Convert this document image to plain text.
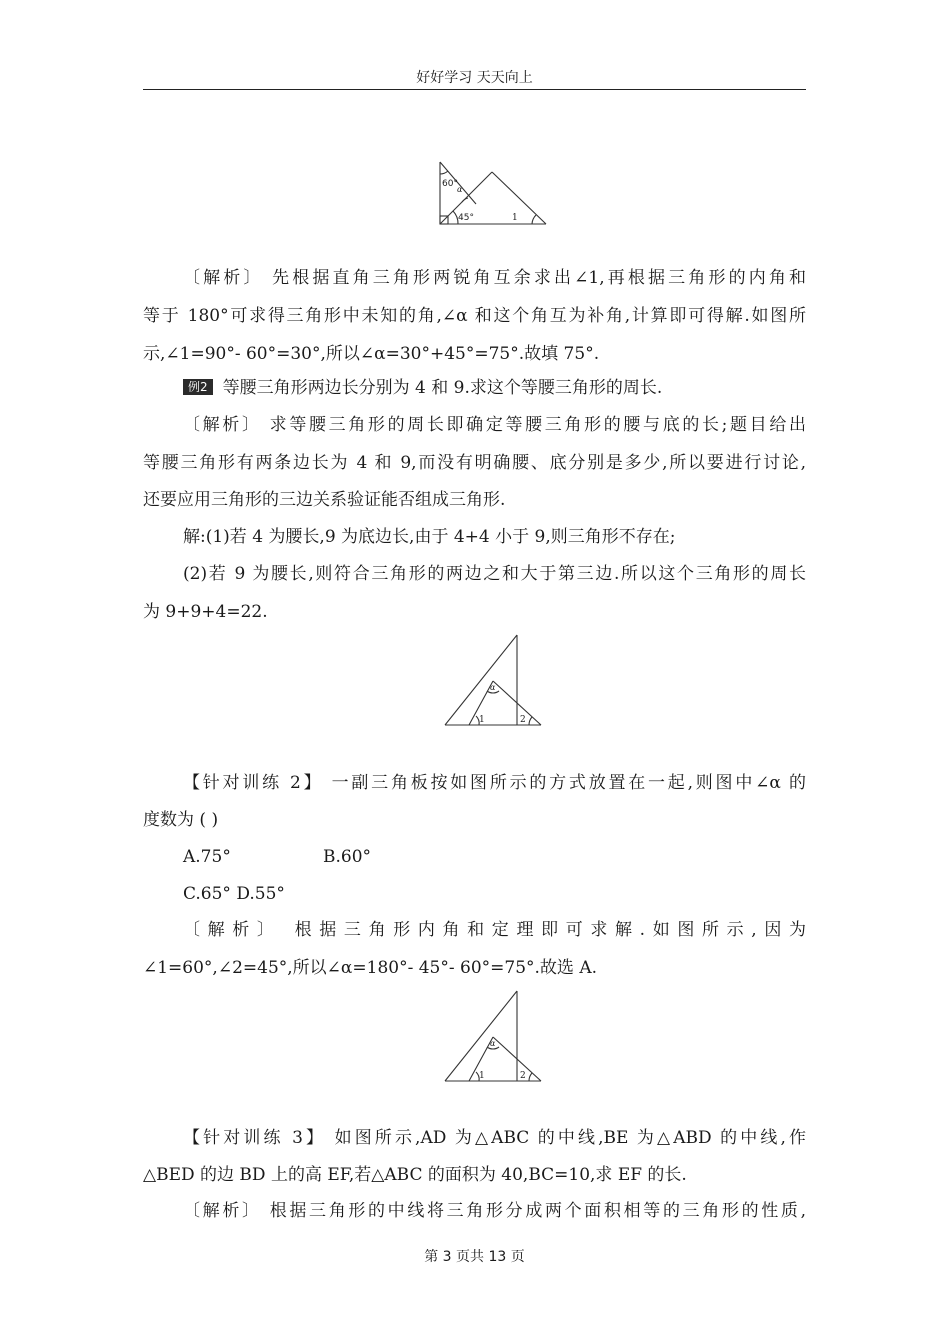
好好学习 天天向上
60°
α
45°	1
〔解析〕 先根据直角三角形两锐角互余求出∠1,再根据三角形的内角和
等于 180°可求得三角形中未知的角,∠α 和这个角互为补角,计算即可得解.如图所
示,∠1=90°- 60°=30°,所以∠α=30°+45°=75°.故填 75°.
例2 等腰三角形两边长分别为 4 和 9.求这个等腰三角形的周长.
〔解析〕 求等腰三角形的周长即确定等腰三角形的腰与底的长;题目给出
等腰三角形有两条边长为 4 和 9,而没有明确腰、底分别是多少,所以要进行讨论,
还要应用三角形的三边关系验证能否组成三角形.
解:(1)若 4 为腰长,9 为底边长,由于 4+4 小于 9,则三角形不存在;
(2)若 9 为腰长,则符合三角形的两边之和大于第三边.所以这个三角形的周长
为 9+9+4=22.
α
1	2
【针对训练 2】 一副三角板按如图所示的方式放置在一起,则图中∠α 的
度数为 ( )
A.75°	B.60°
C.65° D.55°
〔解析〕 根据三角形内角和定理即可求解.如图所示,因为
∠1=60°,∠2=45°,所以∠α=180°- 45°- 60°=75°.故选 A.
α
1	2
【针对训练 3】 如图所示,AD 为△ABC 的中线,BE 为△ABD 的中线,作
△BED 的边 BD 上的高 EF,若△ABC 的面积为 40,BC=10,求 EF 的长.
〔解析〕 根据三角形的中线将三角形分成两个面积相等的三角形的性质,
第 3 页共 13 页
